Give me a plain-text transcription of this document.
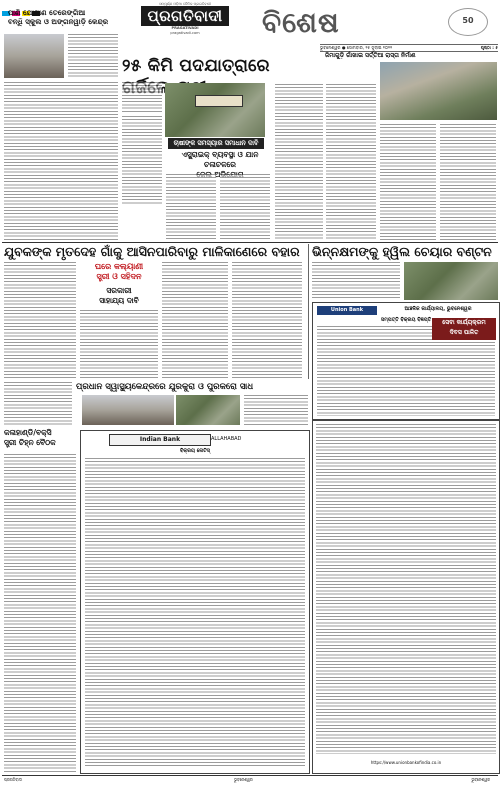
ପାଣି ଯୋଗାଣ ତେରେଙ୍ଗିଆ
ବନ୍ଧିି ସ୍କୁଲ ଓ ଅଙ୍ଗନୱାଡ଼ି କେନ୍ଦ୍ର
ସମ୍ପୂର୍ଣ୍ଣ ଓଡ଼ିଆ ଦୈନିକ ପ୍ରଗତିବାଦୀ
ପ୍ରଗତିବାଦୀ
PRAGATIVADI
pragativadi.com	ବିଶେଷ	50
ଭୁବନେଶ୍ୱର ● ସୋମବାର, ୨୫ ଜୁଲାଇ ୨୦୨୨	ପୃଷ୍ଠା : ୫
୨୫ କିମି ପଦଯାତ୍ରାରେ
ଜିମାଗୁଡ଼ି ଗାଁଖାଇ ସର୍ତ୍ତିଆ ରାସ୍ତା ନିର୍ମାଣ
ଚାଷୀଙ୍କ ସମସ୍ୟାର ସମାଧାନ ଦାବି
ଏସ୍ପ୍ରାଇକ୍ ବ୍ୟବସ୍ଥା ଓ ଯାନ ଚଳାଚଳରେ

ଯୁବକଙ୍କ ମୃତଦେହ ଗାଁକୁ ଆସିନପାରିବାରୁ ମାଳିକାଣେରେ ବହାର ଭିନ୍ନକ୍ଷମଙ୍କୁ ହ୍ୱିଲ ଚେୟାର ବଣ୍ଟନ
ଘରେ କଲ୍ୟାଣୀ
ସ୍ତ୍ରୀ ଓ ସହିଦନ
ସରକାରୀ
ସାହାଯ୍ୟ ଦାବି
Union Bank	ଆଞ୍ଚଳିକ କାର୍ଯ୍ୟାଳୟ, ଭୁବନେଶ୍ୱର
ସମ୍ପତ୍ତି ବିକ୍ରୟ ବିଜ୍ଞପ୍ତି	ସେବା କାର୍ଯ୍ୟକ୍ରମ
ଦିବସ ପାଳିତ
ପ୍ରଧାନ ସ୍ୱାସ୍ଥ୍ୟକେନ୍ଦ୍ରରେ ଯୁରକୁରା ଓ ପୁରକରୋ ସାଧ
କଳାହାଣ୍ଡି/ବକ୍ସି
ସ୍ତ୍ରୀ ଚିହ୍ନ ବୈଠକ	Indian Bank	ALLAHABAD
ବିକ୍ରୟ ନୋଟିସ୍
https://www.unionbankofindia.co.in
ପ୍ରଗତିବାଦୀ	ଭୁବନେଶ୍ୱର	ଭୁବନେଶ୍ୱର
